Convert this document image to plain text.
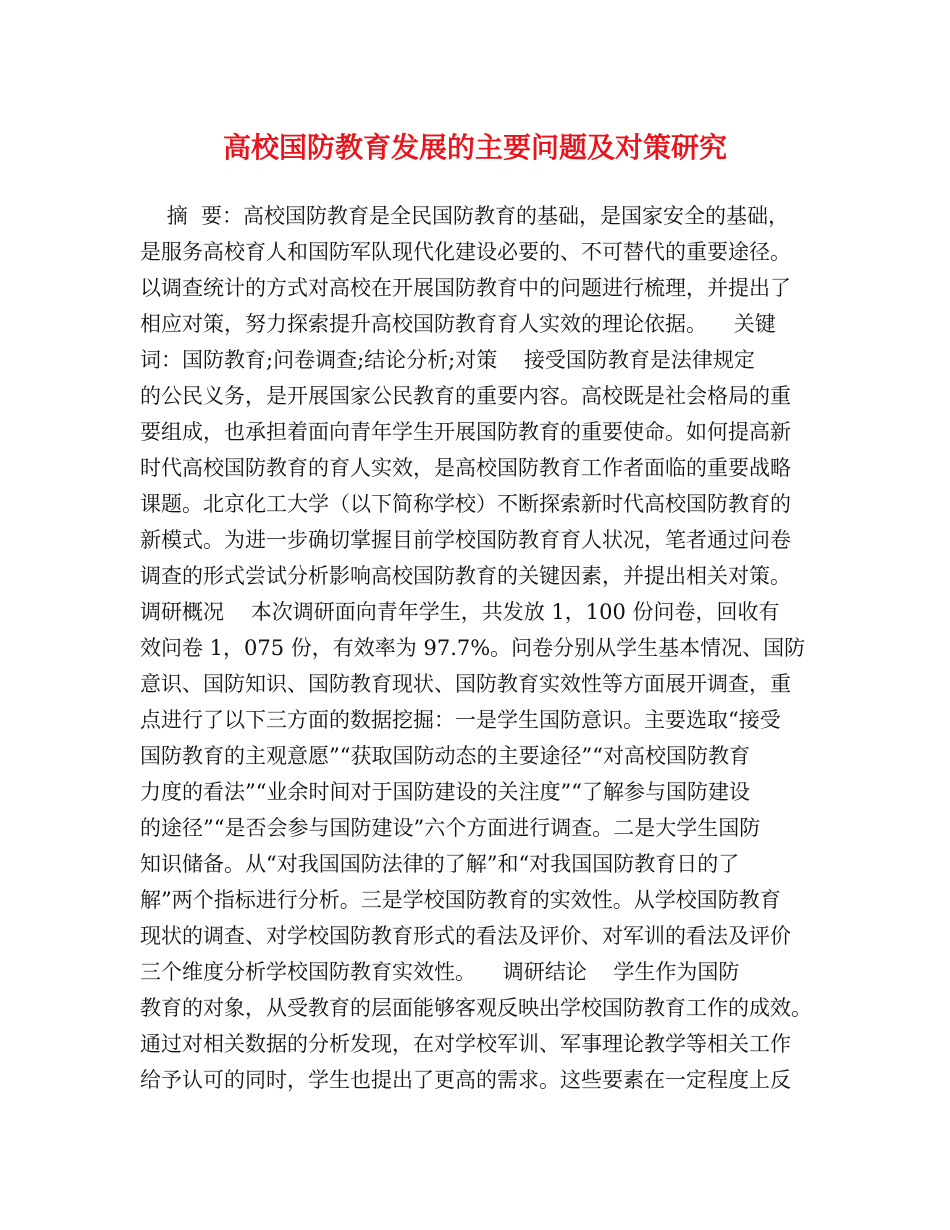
高校国防教育发展的主要问题及对策研究
摘  要：高校国防教育是全民国防教育的基础，是国家安全的基础，
是服务高校育人和国防军队现代化建设必要的、不可替代的重要途径。
以调查统计的方式对高校在开展国防教育中的问题进行梳理，并提出了
相应对策，努力探索提升高校国防教育育人实效的理论依据。    关键
词：国防教育;问卷调查;结论分析;对策    接受国防教育是法律规定
的公民义务，是开展国家公民教育的重要内容。高校既是社会格局的重
要组成，也承担着面向青年学生开展国防教育的重要使命。如何提高新
时代高校国防教育的育人实效，是高校国防教育工作者面临的重要战略
课题。北京化工大学（以下简称学校）不断探索新时代高校国防教育的
新模式。为进一步确切掌握目前学校国防教育育人状况，笔者通过问卷
调查的形式尝试分析影响高校国防教育的关键因素，并提出相关对策。
调研概况    本次调研面向青年学生，共发放 1，100 份问卷，回收有
效问卷 1，075 份，有效率为 97.7%。问卷分别从学生基本情况、国防
意识、国防知识、国防教育现状、国防教育实效性等方面展开调查，重
点进行了以下三方面的数据挖掘：一是学生国防意识。主要选取“接受
国防教育的主观意愿”“获取国防动态的主要途径”“对高校国防教育
力度的看法”“业余时间对于国防建设的关注度”“了解参与国防建设
的途径”“是否会参与国防建设”六个方面进行调查。二是大学生国防
知识储备。从“对我国国防法律的了解”和“对我国国防教育日的了
解”两个指标进行分析。三是学校国防教育的实效性。从学校国防教育
现状的调查、对学校国防教育形式的看法及评价、对军训的看法及评价
三个维度分析学校国防教育实效性。    调研结论    学生作为国防
教育的对象，从受教育的层面能够客观反映出学校国防教育工作的成效。
通过对相关数据的分析发现，在对学校军训、军事理论教学等相关工作
给予认可的同时，学生也提出了更高的需求。这些要素在一定程度上反
